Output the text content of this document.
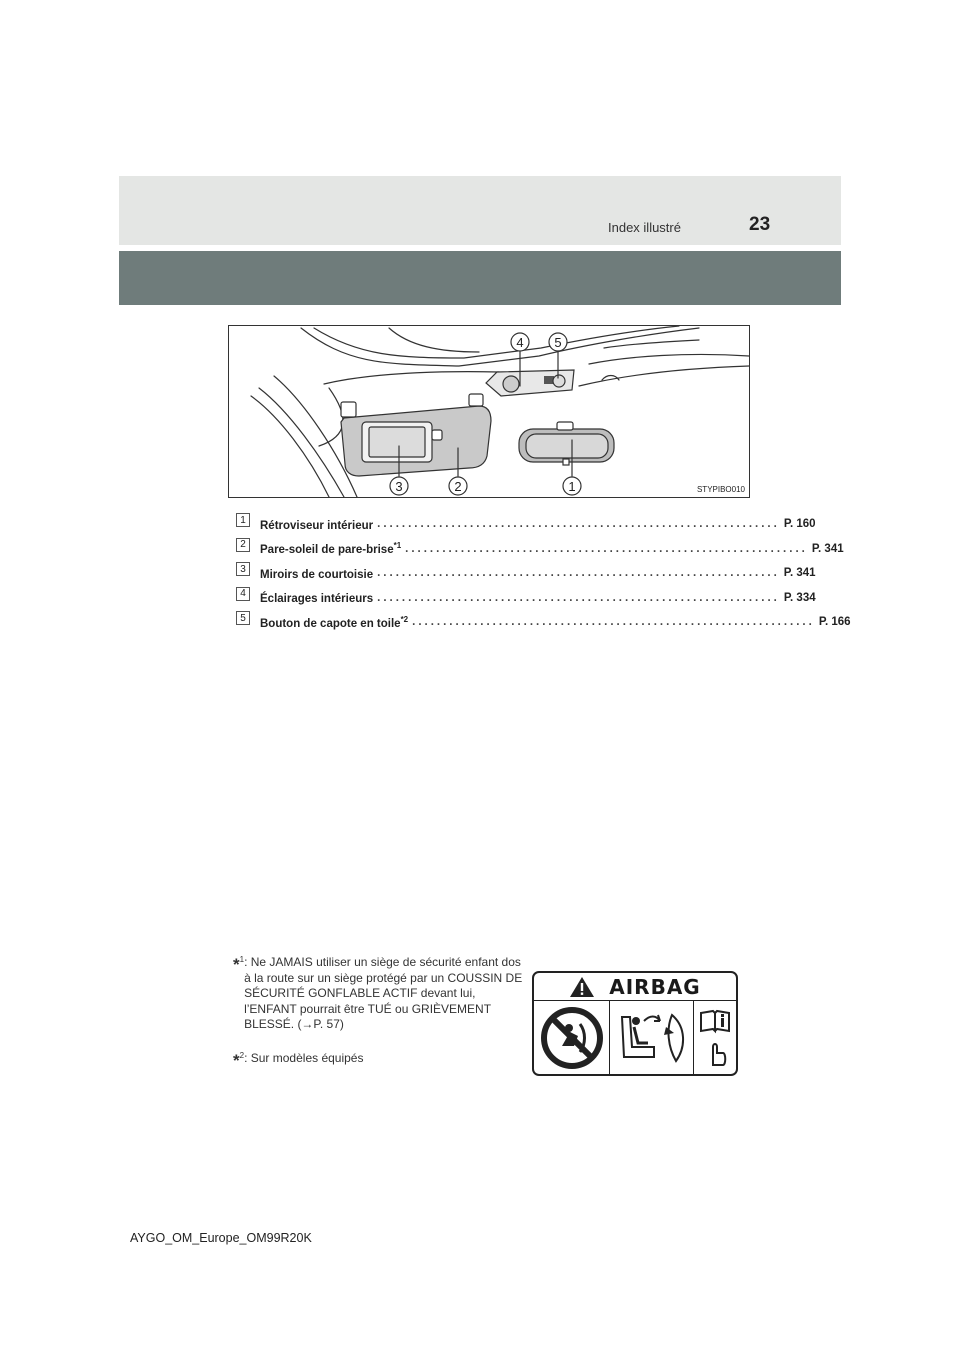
Index illustré	23
1
2
3
4 5
STYPIBO010
1	Rétroviseur intérieur ................................................................. P. 160
2	Pare-soleil de pare-brise$^{*1}$ ................................................................. P. 341
3	Miroirs de courtoisie ................................................................. P. 341
4	Éclairages intérieurs ................................................................. P. 334
5	Bouton de capote en toile$^{*2}$ ................................................................. P. 166
*$^1$ : Ne JAMAIS utiliser un siège de sécurité enfant dos à la route sur un siège protégé par un COUSSIN DE SÉCURITÉ GONFLABLE ACTIF devant lui, l’ENFANT pourrait être TUÉ ou GRIÈVEMENT BLESSÉ. (→P. 57)
*$^2$ : Sur modèles équipés
AIRBAG
AYGO_OM_Europe_OM99R20K
